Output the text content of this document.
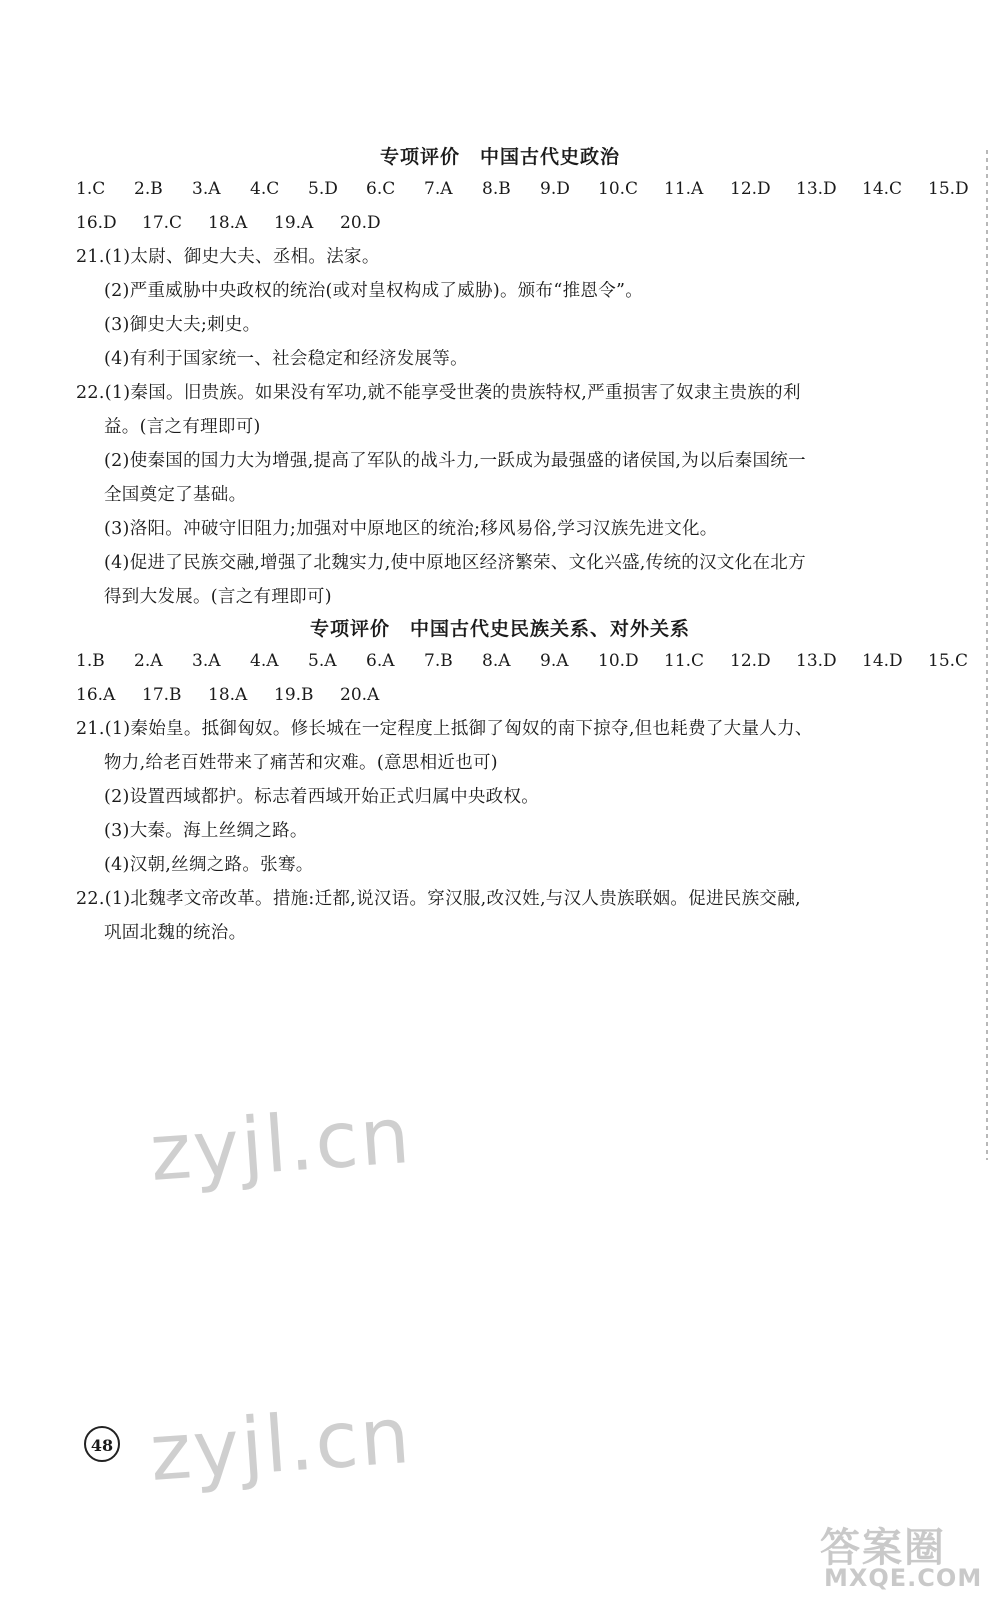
专项评价　中国古代史政治
1.C	2.B	3.A	4.C	5.D	6.C	7.A	8.B	9.D	10.C	11.A	12.D	13.D	14.C	15.D
16.D	17.C	18.A	19.A	20.D
21.(1)太尉、御史大夫、丞相。法家。
(2)严重威胁中央政权的统治(或对皇权构成了威胁)。颁布“推恩令”。
(3)御史大夫;刺史。
(4)有利于国家统一、社会稳定和经济发展等。
22.(1)秦国。旧贵族。如果没有军功,就不能享受世袭的贵族特权,严重损害了奴隶主贵族的利
益。(言之有理即可)
(2)使秦国的国力大为增强,提高了军队的战斗力,一跃成为最强盛的诸侯国,为以后秦国统一
全国奠定了基础。
(3)洛阳。冲破守旧阻力;加强对中原地区的统治;移风易俗,学习汉族先进文化。
(4)促进了民族交融,增强了北魏实力,使中原地区经济繁荣、文化兴盛,传统的汉文化在北方
得到大发展。(言之有理即可)
专项评价　中国古代史民族关系、对外关系
1.B	2.A	3.A	4.A	5.A	6.A	7.B	8.A	9.A	10.D	11.C	12.D	13.D	14.D	15.C
16.A	17.B	18.A	19.B	20.A
21.(1)秦始皇。抵御匈奴。修长城在一定程度上抵御了匈奴的南下掠夺,但也耗费了大量人力、
物力,给老百姓带来了痛苦和灾难。(意思相近也可)
(2)设置西域都护。标志着西域开始正式归属中央政权。
(3)大秦。海上丝绸之路。
(4)汉朝,丝绸之路。张骞。
22.(1)北魏孝文帝改革。措施:迁都,说汉语。穿汉服,改汉姓,与汉人贵族联姻。促进民族交融,
巩固北魏的统治。
zyjl.cn
zyjl.cn
48
答案圈
MXQE.COM
